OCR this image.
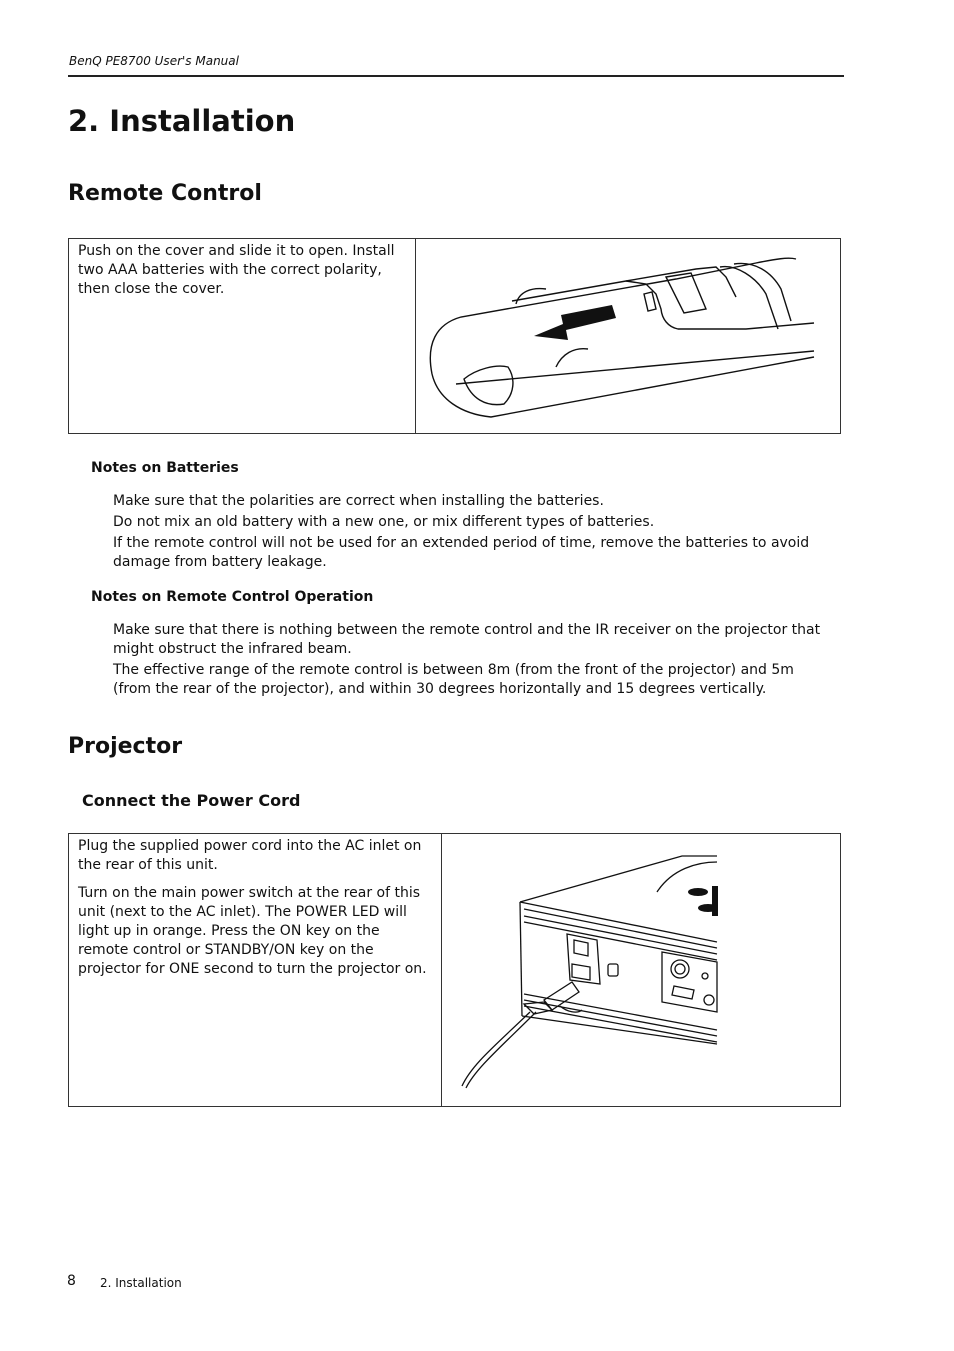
BenQ PE8700 User's Manual
2. Installation
Remote Control
Push on the cover and slide it to open. Install two AAA batteries with the correct polarity, then close the cover.

Notes on Batteries

Make sure that the polarities are correct when installing the batteries.

Do not mix an old battery with a new one, or mix different types of batteries.

If the remote control will not be used for an extended period of time, remove the batteries to avoid damage from battery leakage.

Notes on Remote Control Operation

Make sure that there is nothing between the remote control and the IR receiver on the projector that might obstruct the infrared beam.

The effective range of the remote control is between 8m (from the front of the projector) and 5m (from the rear of the projector), and within 30 degrees horizontally and 15 degrees vertically.

Projector
Connect the Power Cord

Plug the supplied power cord into the AC inlet on the rear of this unit.

Turn on the main power switch at the rear of this unit (next to the AC inlet). The POWER LED will light up in orange. Press the ON key on the remote control or STANDBY/ON key on the projector for ONE second to turn the projector on.

8 2. Installation
